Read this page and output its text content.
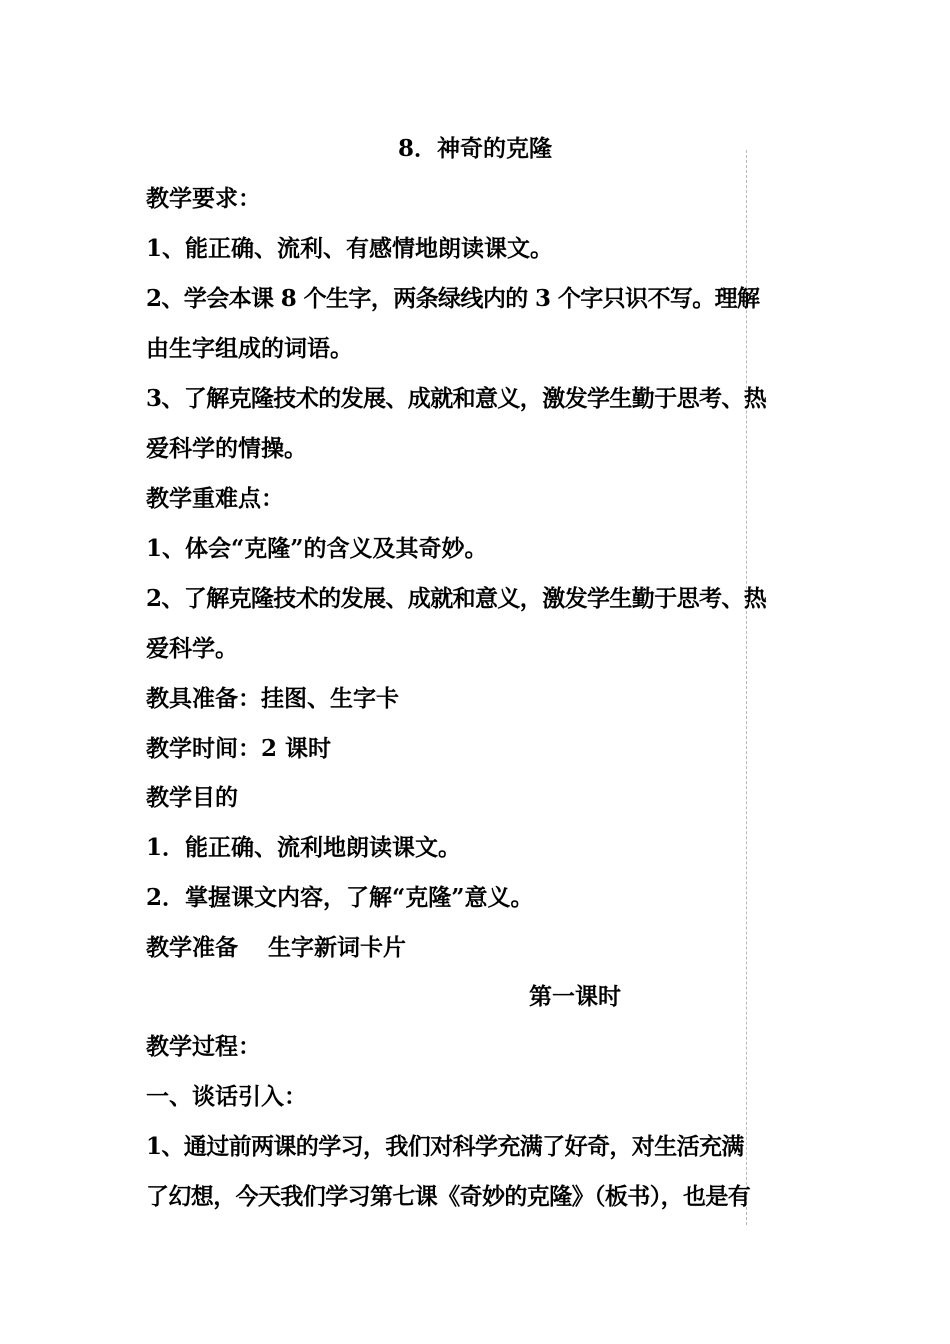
8．神奇的克隆
教学要求：
1、能正确、流利、有感情地朗读课文。
2、学会本课 8 个生字，两条绿线内的 3 个字只识不写。理解
由生字组成的词语。
3、了解克隆技术的发展、成就和意义，激发学生勤于思考、热
爱科学的情操。
教学重难点：
1、体会“克隆”的含义及其奇妙。
2、了解克隆技术的发展、成就和意义，激发学生勤于思考、热
爱科学。
教具准备：挂图、生字卡
教学时间：2 课时
教学目的
1．能正确、流利地朗读课文。
2．掌握课文内容，了解“克隆”意义。
教学准备 生字新词卡片
第一课时
教学过程：
一、谈话引入：
1、通过前两课的学习，我们对科学充满了好奇，对生活充满
了幻想，今天我们学习第七课《奇妙的克隆》（板书），也是有
